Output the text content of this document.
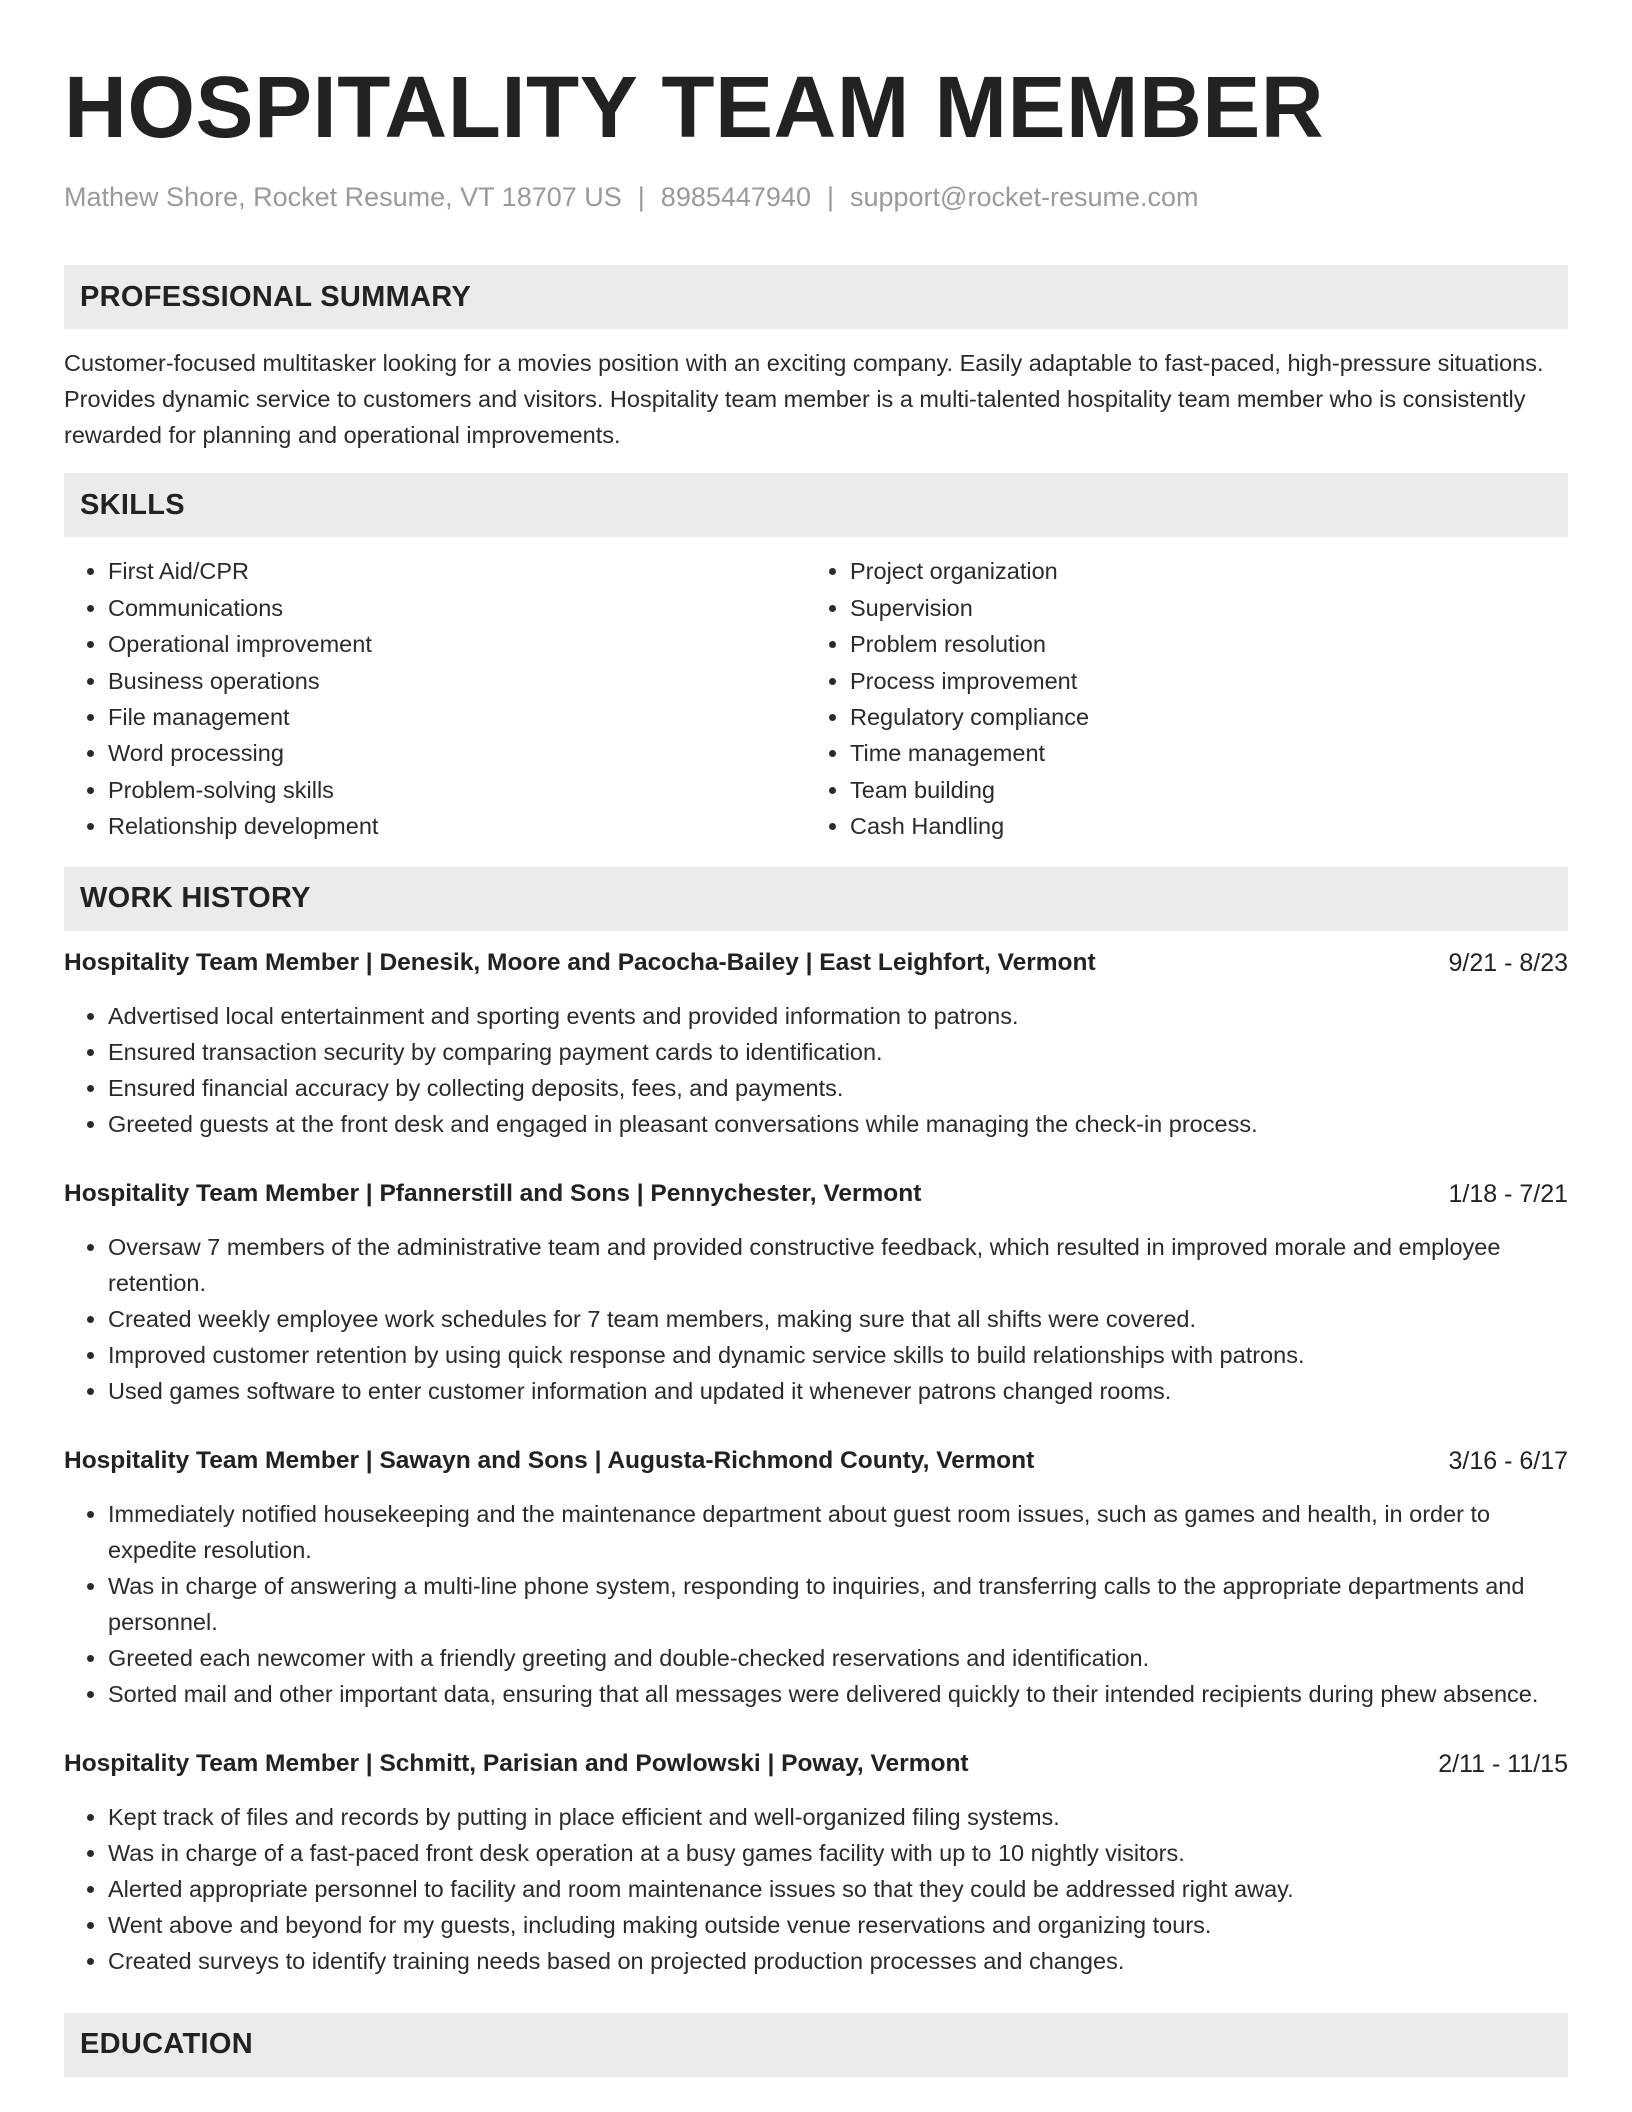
HOSPITALITY TEAM MEMBER
Mathew Shore, Rocket Resume, VT 18707 US | 8985447940 | support@rocket-resume.com
PROFESSIONAL SUMMARY

Customer-focused multitasker looking for a movies position with an exciting company. Easily adaptable to fast-paced, high-pressure situations. Provides dynamic service to customers and visitors. Hospitality team member is a multi-talented hospitality team member who is consistently rewarded for planning and operational improvements.

SKILLS
• First Aid/CPR
• Communications
• Operational improvement
• Business operations
• File management
• Word processing
• Problem-solving skills
• Relationship development
• Project organization
• Supervision
• Problem resolution
• Process improvement
• Regulatory compliance
• Time management
• Team building
• Cash Handling
WORK HISTORY
Hospitality Team Member | Denesik, Moore and Pacocha-Bailey | East Leighfort, Vermont	9/21 - 8/23
• Advertised local entertainment and sporting events and provided information to patrons.
• Ensured transaction security by comparing payment cards to identification.
• Ensured financial accuracy by collecting deposits, fees, and payments.
• Greeted guests at the front desk and engaged in pleasant conversations while managing the check-in process.
Hospitality Team Member | Pfannerstill and Sons | Pennychester, Vermont	1/18 - 7/21
• Oversaw 7 members of the administrative team and provided constructive feedback, which resulted in improved morale and employee retention.
• Created weekly employee work schedules for 7 team members, making sure that all shifts were covered.
• Improved customer retention by using quick response and dynamic service skills to build relationships with patrons.
• Used games software to enter customer information and updated it whenever patrons changed rooms.
Hospitality Team Member | Sawayn and Sons | Augusta-Richmond County, Vermont	3/16 - 6/17
• Immediately notified housekeeping and the maintenance department about guest room issues, such as games and health, in order to expedite resolution.
• Was in charge of answering a multi-line phone system, responding to inquiries, and transferring calls to the appropriate departments and personnel.
• Greeted each newcomer with a friendly greeting and double-checked reservations and identification.
• Sorted mail and other important data, ensuring that all messages were delivered quickly to their intended recipients during phew absence.
Hospitality Team Member | Schmitt, Parisian and Powlowski | Poway, Vermont	2/11 - 11/15
• Kept track of files and records by putting in place efficient and well-organized filing systems.
• Was in charge of a fast-paced front desk operation at a busy games facility with up to 10 nightly visitors.
• Alerted appropriate personnel to facility and room maintenance issues so that they could be addressed right away.
• Went above and beyond for my guests, including making outside venue reservations and organizing tours.
• Created surveys to identify training needs based on projected production processes and changes.
EDUCATION
